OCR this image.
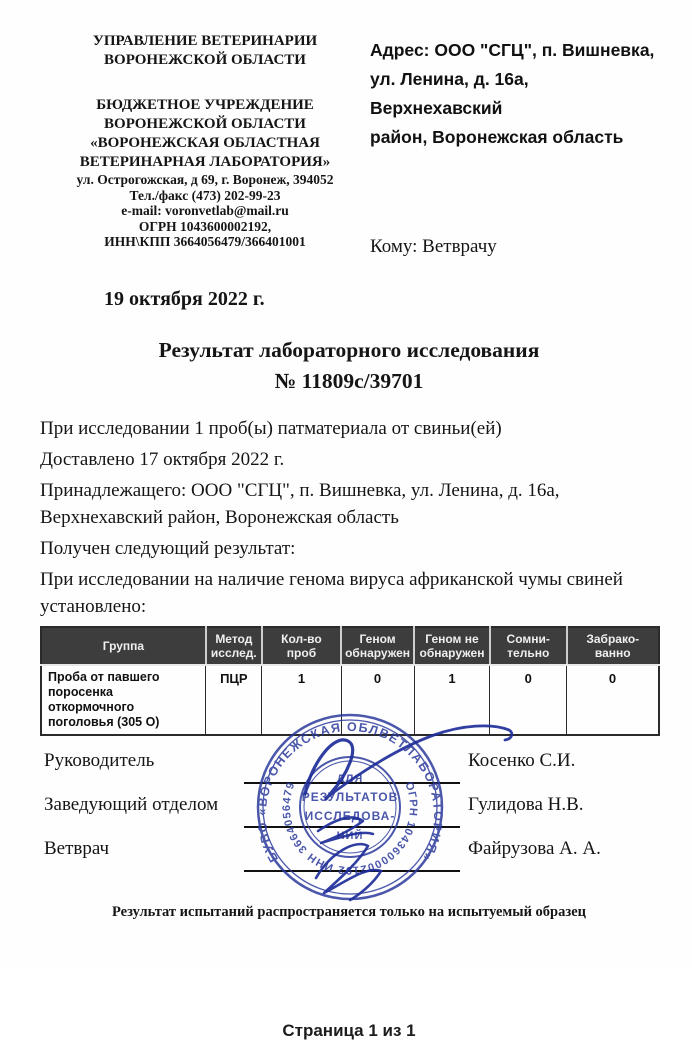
УПРАВЛЕНИЕ ВЕТЕРИНАРИИ
ВОРОНЕЖСКОЙ ОБЛАСТИ
БЮДЖЕТНОЕ УЧРЕЖДЕНИЕ
ВОРОНЕЖСКОЙ ОБЛАСТИ
«ВОРОНЕЖСКАЯ ОБЛАСТНАЯ
ВЕТЕРИНАРНАЯ ЛАБОРАТОРИЯ»
ул. Острогожская, д 69, г. Воронеж, 394052
Тел./факс (473) 202-99-23
e-mail: voronvetlab@mail.ru
ОГРН 1043600002192,
ИНН\КПП 3664056479/366401001
Адрес: ООО "СГЦ", п. Вишневка,
ул. Ленина, д. 16а, Верхнехавский
район, Воронежская область
Кому: Ветврачу
19 октября 2022 г.
Результат лабораторного исследования
№ 11809с/39701

При исследовании 1 проб(ы) патматериала от свиньи(ей)

Доставлено 17 октября 2022 г.

Принадлежащего: ООО "СГЦ", п. Вишневка, ул. Ленина, д. 16а, Верхнехавский район, Воронежская область

Получен следующий результат:

При исследовании на наличие генома вируса африканской чумы свиней установлено:

Группа	Метод исслед.	Кол-во проб	Геном обнаружен	Геном не обнаружен	Сомни-тельно	Забрако-ванно
Проба от павшего поросенка откормочного поголовья (305 О)	ПЦР	1	0	1	0	0
Руководитель	Косенко С.И.
Заведующий отделом	Гулидова Н.В.
Ветврач	Файрузова А. А.
БУВО «ВОРОНЕЖСКАЯ ОБЛВЕТЛАБОРАТОРИЯ»
ОГРН 1043600002192 ИНН 3664056479
ДЛЯ
РЕЗУЛЬТАТОВ
ИССЛЕДОВА-
НИЙ
Результат испытаний распространяется только на испытуемый образец
Страница 1 из 1
